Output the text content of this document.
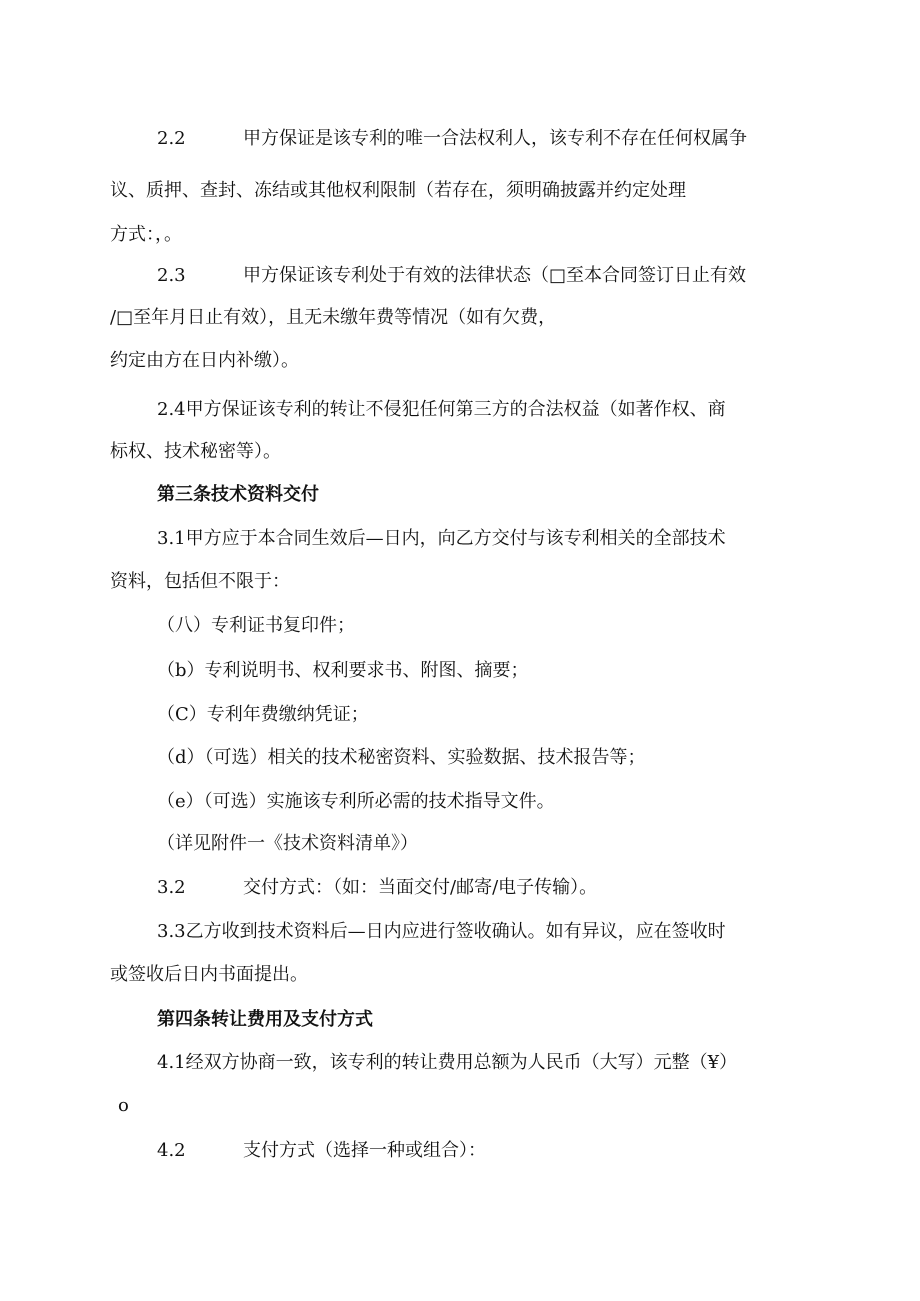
2.2	甲方保证是该专利的唯一合法权利人，该专利不存在任何权属争
议、质押、查封、冻结或其他权利限制（若存在，须明确披露并约定处理
方式：，。
2.3	甲方保证该专利处于有效的法律状态（□至本合同签订日止有效
/□至年月日止有效），且无未缴年费等情况（如有欠费，
约定由方在日内补缴）。
2.4甲方保证该专利的转让不侵犯任何第三方的合法权益（如著作权、商
标权、技术秘密等）。
第三条技术资料交付
3.1甲方应于本合同生效后—日内，向乙方交付与该专利相关的全部技术
资料，包括但不限于：
（八）专利证书复印件；
（b）专利说明书、权利要求书、附图、摘要；
（C）专利年费缴纳凭证；
（d）（可选）相关的技术秘密资料、实验数据、技术报告等；
（e）（可选）实施该专利所必需的技术指导文件。
（详见附件一《技术资料清单》）
3.2	交付方式：（如：当面交付/邮寄/电子传输）。
3.3乙方收到技术资料后—日内应进行签收确认。如有异议，应在签收时
或签收后日内书面提出。
第四条转让费用及支付方式
4.1经双方协商一致，该专利的转让费用总额为人民币（大写）元整（¥）
o
4.2	支付方式（选择一种或组合）：
